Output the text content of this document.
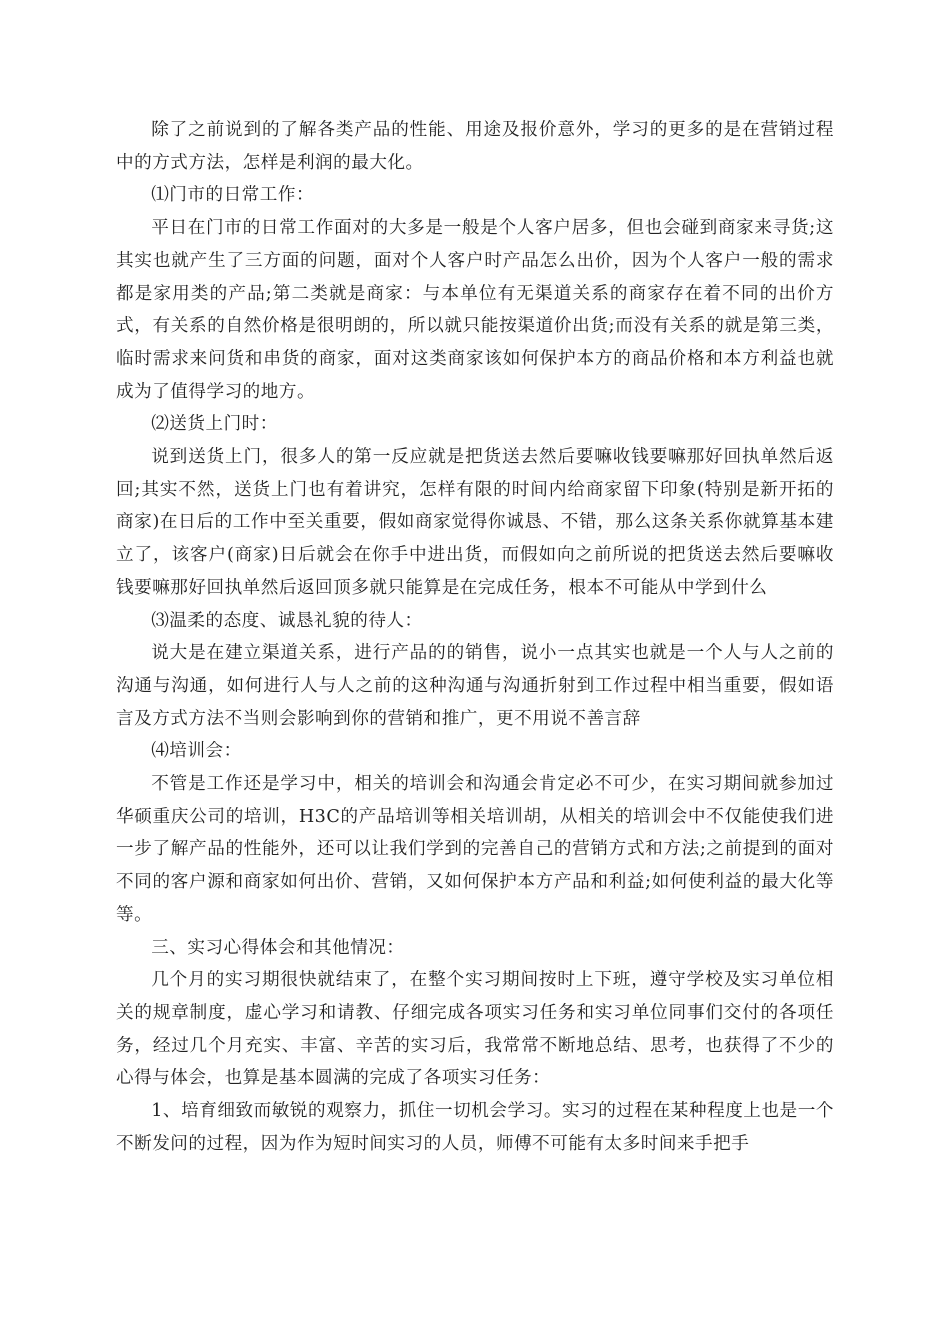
除了之前说到的了解各类产品的性能、用途及报价意外，学习的更多的是在营销过程中的方式方法，怎样是利润的最大化。

⑴门市的日常工作：

平日在门市的日常工作面对的大多是一般是个人客户居多，但也会碰到商家来寻货;这其实也就产生了三方面的问题，面对个人客户时产品怎么出价，因为个人客户一般的需求都是家用类的产品;第二类就是商家：与本单位有无渠道关系的商家存在着不同的出价方式，有关系的自然价格是很明朗的，所以就只能按渠道价出货;而没有关系的就是第三类，临时需求来问货和串货的商家，面对这类商家该如何保护本方的商品价格和本方利益也就成为了值得学习的地方。

⑵送货上门时：

说到送货上门，很多人的第一反应就是把货送去然后要嘛收钱要嘛那好回执单然后返回;其实不然，送货上门也有着讲究，怎样有限的时间内给商家留下印象(特别是新开拓的商家)在日后的工作中至关重要，假如商家觉得你诚恳、不错，那么这条关系你就算基本建立了，该客户(商家)日后就会在你手中进出货，而假如向之前所说的把货送去然后要嘛收钱要嘛那好回执单然后返回顶多就只能算是在完成任务，根本不可能从中学到什么

⑶温柔的态度、诚恳礼貌的待人：

说大是在建立渠道关系，进行产品的的销售，说小一点其实也就是一个人与人之前的沟通与沟通，如何进行人与人之前的这种沟通与沟通折射到工作过程中相当重要，假如语言及方式方法不当则会影响到你的营销和推广，更不用说不善言辞

⑷培训会：

不管是工作还是学习中，相关的培训会和沟通会肯定必不可少，在实习期间就参加过华硕重庆公司的培训，H3C的产品培训等相关培训胡，从相关的培训会中不仅能使我们进一步了解产品的性能外，还可以让我们学到的完善自己的营销方式和方法;之前提到的面对不同的客户源和商家如何出价、营销，又如何保护本方产品和利益;如何使利益的最大化等等。

三、实习心得体会和其他情况：

几个月的实习期很快就结束了，在整个实习期间按时上下班，遵守学校及实习单位相关的规章制度，虚心学习和请教、仔细完成各项实习任务和实习单位同事们交付的各项任务，经过几个月充实、丰富、辛苦的实习后，我常常不断地总结、思考，也获得了不少的心得与体会，也算是基本圆满的完成了各项实习任务：

1、培育细致而敏锐的观察力，抓住一切机会学习。实习的过程在某种程度上也是一个不断发问的过程，因为作为短时间实习的人员，师傅不可能有太多时间来手把手
